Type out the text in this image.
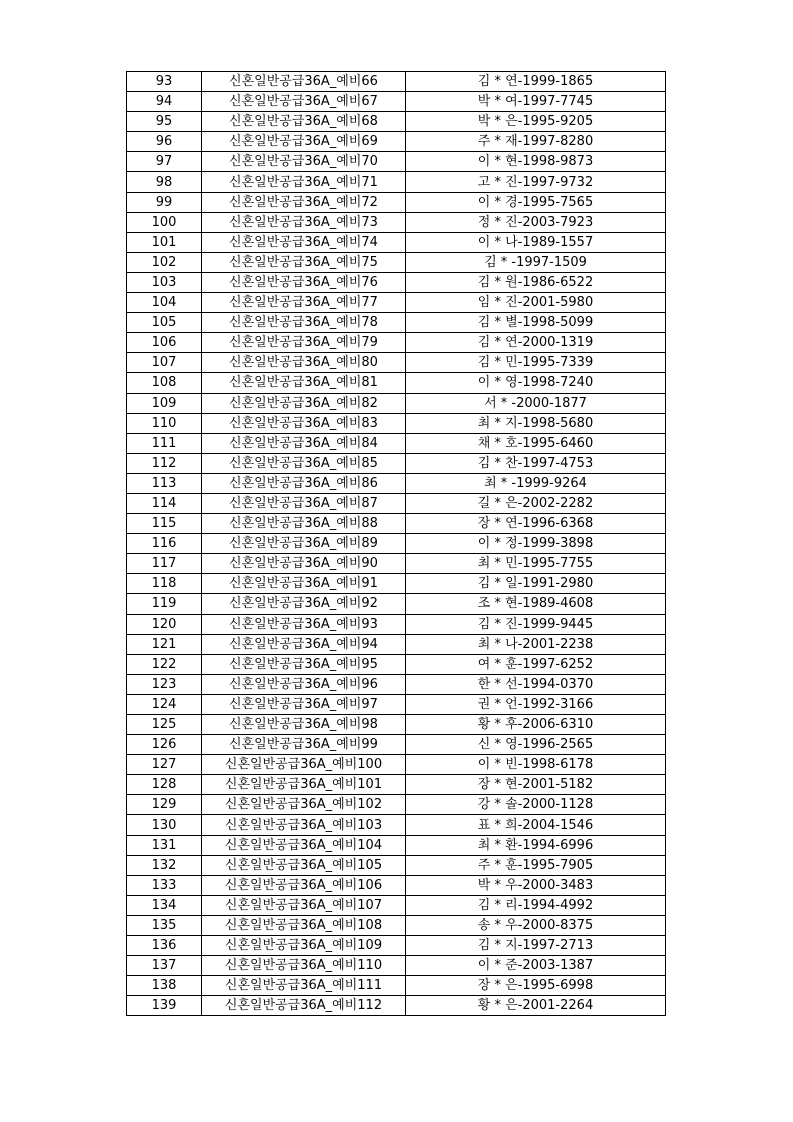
93	신혼일반공급36A_예비66	김 * 연-1999-1865
94	신혼일반공급36A_예비67	박 * 여-1997-7745
95	신혼일반공급36A_예비68	박 * 은-1995-9205
96	신혼일반공급36A_예비69	주 * 재-1997-8280
97	신혼일반공급36A_예비70	이 * 현-1998-9873
98	신혼일반공급36A_예비71	고 * 진-1997-9732
99	신혼일반공급36A_예비72	이 * 경-1995-7565
100	신혼일반공급36A_예비73	정 * 진-2003-7923
101	신혼일반공급36A_예비74	이 * 나-1989-1557
102	신혼일반공급36A_예비75	김 * -1997-1509
103	신혼일반공급36A_예비76	김 * 원-1986-6522
104	신혼일반공급36A_예비77	임 * 진-2001-5980
105	신혼일반공급36A_예비78	김 * 별-1998-5099
106	신혼일반공급36A_예비79	김 * 연-2000-1319
107	신혼일반공급36A_예비80	김 * 민-1995-7339
108	신혼일반공급36A_예비81	이 * 영-1998-7240
109	신혼일반공급36A_예비82	서 * -2000-1877
110	신혼일반공급36A_예비83	최 * 지-1998-5680
111	신혼일반공급36A_예비84	채 * 호-1995-6460
112	신혼일반공급36A_예비85	김 * 찬-1997-4753
113	신혼일반공급36A_예비86	최 * -1999-9264
114	신혼일반공급36A_예비87	길 * 은-2002-2282
115	신혼일반공급36A_예비88	장 * 연-1996-6368
116	신혼일반공급36A_예비89	이 * 정-1999-3898
117	신혼일반공급36A_예비90	최 * 민-1995-7755
118	신혼일반공급36A_예비91	김 * 일-1991-2980
119	신혼일반공급36A_예비92	조 * 현-1989-4608
120	신혼일반공급36A_예비93	김 * 진-1999-9445
121	신혼일반공급36A_예비94	최 * 나-2001-2238
122	신혼일반공급36A_예비95	여 * 훈-1997-6252
123	신혼일반공급36A_예비96	한 * 선-1994-0370
124	신혼일반공급36A_예비97	권 * 언-1992-3166
125	신혼일반공급36A_예비98	황 * 후-2006-6310
126	신혼일반공급36A_예비99	신 * 영-1996-2565
127	신혼일반공급36A_예비100	이 * 빈-1998-6178
128	신혼일반공급36A_예비101	장 * 현-2001-5182
129	신혼일반공급36A_예비102	강 * 솔-2000-1128
130	신혼일반공급36A_예비103	표 * 희-2004-1546
131	신혼일반공급36A_예비104	최 * 환-1994-6996
132	신혼일반공급36A_예비105	주 * 훈-1995-7905
133	신혼일반공급36A_예비106	박 * 우-2000-3483
134	신혼일반공급36A_예비107	김 * 리-1994-4992
135	신혼일반공급36A_예비108	송 * 우-2000-8375
136	신혼일반공급36A_예비109	김 * 지-1997-2713
137	신혼일반공급36A_예비110	이 * 준-2003-1387
138	신혼일반공급36A_예비111	장 * 은-1995-6998
139	신혼일반공급36A_예비112	황 * 은-2001-2264
